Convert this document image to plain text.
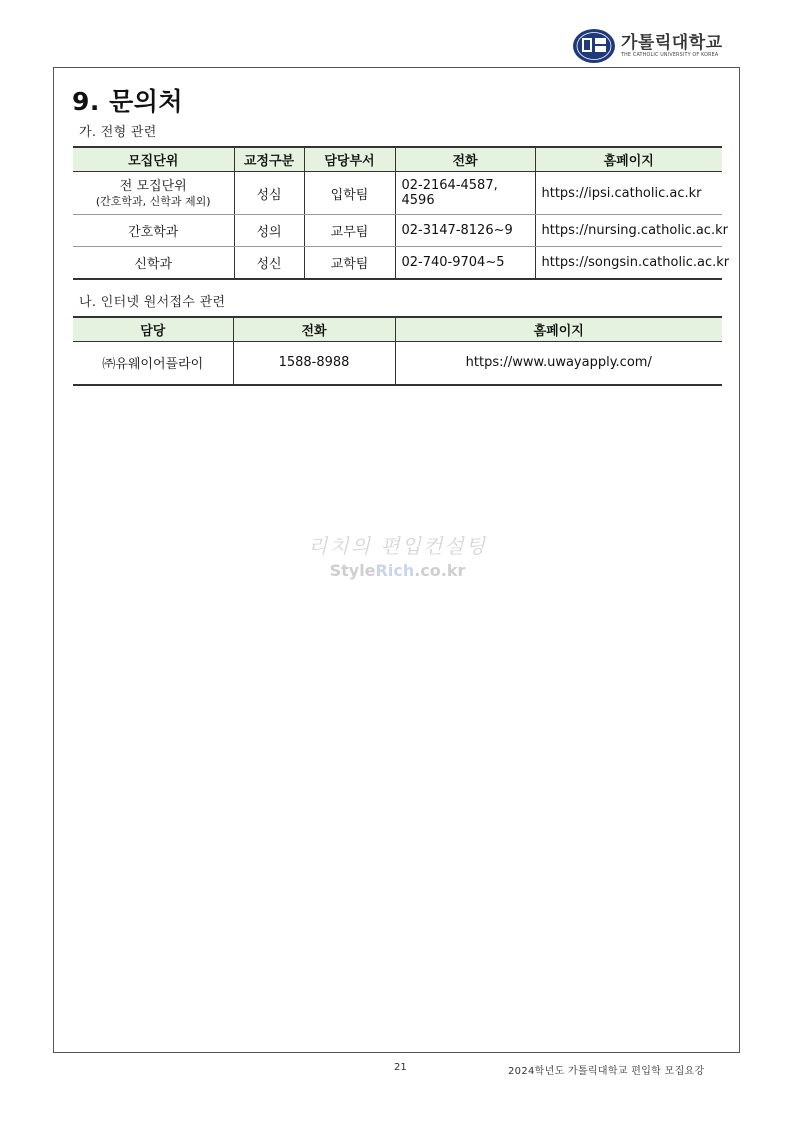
가톨릭대학교
THE CATHOLIC UNIVERSITY OF KOREA
9. 문의처
가. 전형 관련
모집단위	교정구분	담당부서	전화	홈페이지

전 모집단위
(간호학과, 신학과 제외)	성심	입학팀	02-2164-4587, 4596	https://ipsi.catholic.ac.kr
간호학과	성의	교무팀	02-3147-8126~9	https://nursing.catholic.ac.kr
신학과	성신	교학팀	02-740-9704~5	https://songsin.catholic.ac.kr
나. 인터넷 원서접수 관련
담당	전화	홈페이지
㈜유웨이어플라이	1588-8988	https://www.uwayapply.com/
리치의 편입컨설팅
StyleRich.co.kr
21	2024학년도 가톨릭대학교 편입학 모집요강
